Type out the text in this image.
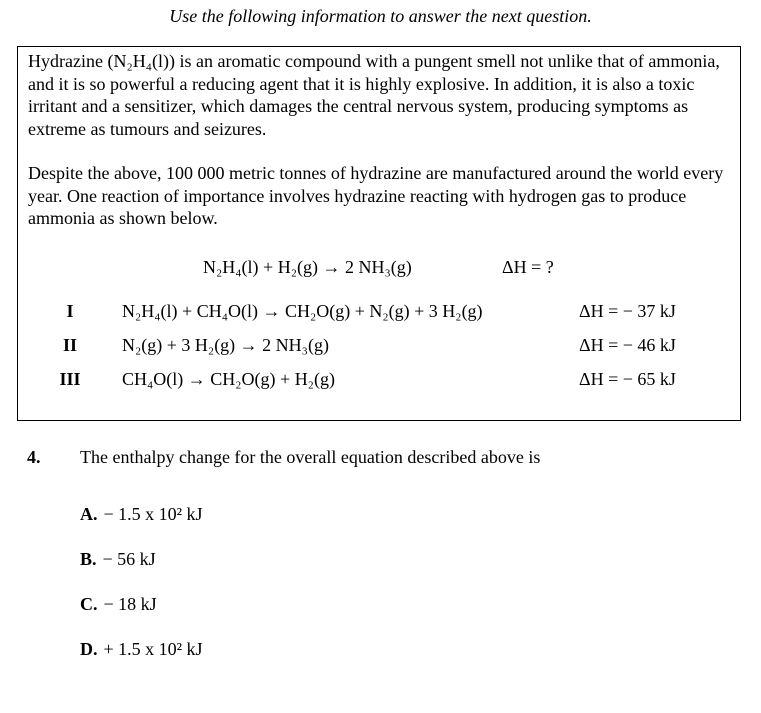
Use the following information to answer the next question.

Hydrazine (N₂H₄(l)) is an aromatic compound with a pungent smell not unlike that of ammonia, and it is so powerful a reducing agent that it is highly explosive. In addition, it is also a toxic irritant and a sensitizer, which damages the central nervous system, producing symptoms as extreme as tumours and seizures.

Despite the above, 100 000 metric tonnes of hydrazine are manufactured around the world every year. One reaction of importance involves hydrazine reacting with hydrogen gas to produce ammonia as shown below.

N₂H₄(l) + H₂(g) → 2 NH₃(g)	ΔH = ?
I	N₂H₄(l) + CH₄O(l) → CH₂O(g) + N₂(g) + 3 H₂(g)	ΔH = − 37 kJ
II	N₂(g) + 3 H₂(g) → 2 NH₃(g)	ΔH = − 46 kJ
III CH₄O(l) → CH₂O(g) + H₂(g)	ΔH = − 65 kJ
4. The enthalpy change for the overall equation described above is
A. − 1.5 x 10² kJ
B. − 56 kJ
C. − 18 kJ
D. + 1.5 x 10² kJ
